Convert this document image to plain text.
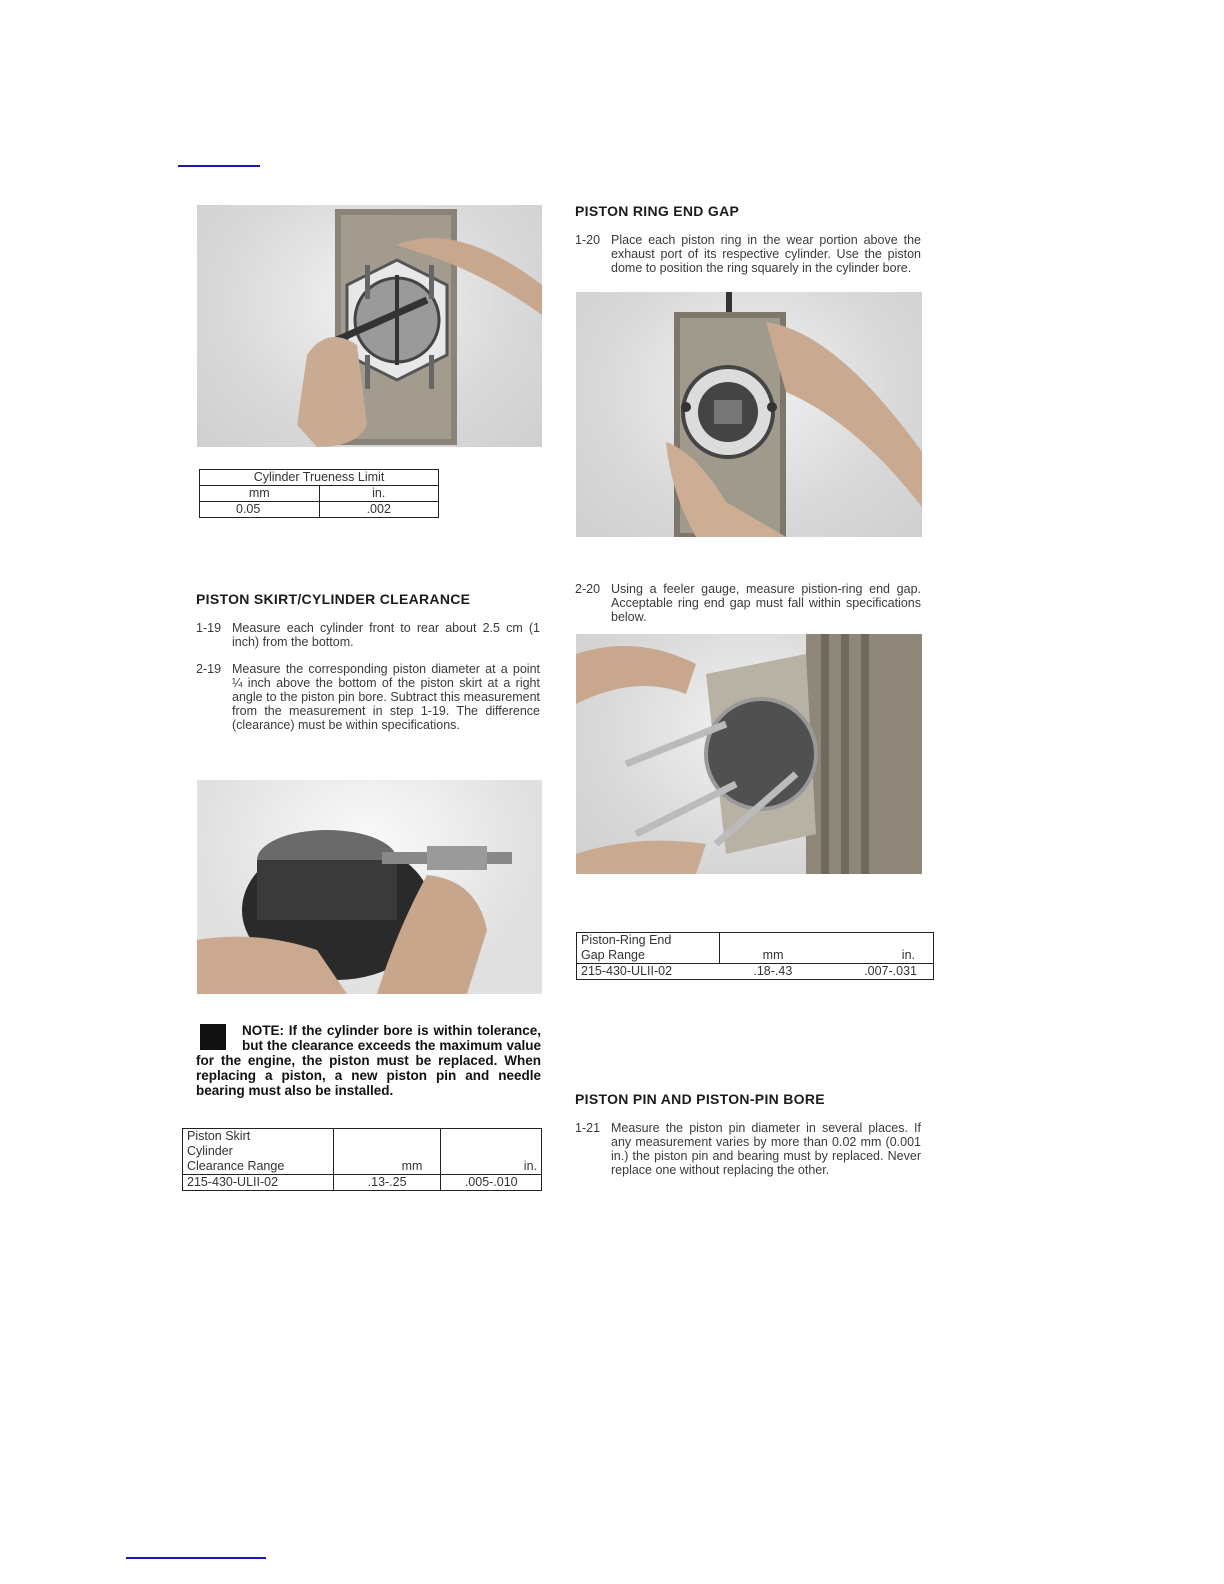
Cylinder Trueness Limit	
mm	in.
0.05	.002
PISTON SKIRT/CYLINDER CLEARANCE
1-19 Measure each cylinder front to rear about 2.5 cm (1 inch) from the bottom.
2-19 Measure the corresponding piston diameter at a point ¼ inch above the bottom of the piston skirt at a right angle to the piston pin bore. Subtract this measurement from the measurement in step 1-19. The difference (clearance) must be within specifications.
NOTE: If the cylinder bore is within tolerance, but the clearance exceeds the maximum value for the engine, the piston must be replaced. When replacing a piston, a new piston pin and needle bearing must also be installed.
Piston Skirt
Cylinder
Clearance Range	mm	in.
215-430-ULII-02	.13-.25	.005-.010
PISTON RING END GAP
1-20 Place each piston ring in the wear portion above the exhaust port of its respective cylinder. Use the piston dome to position the ring squarely in the cylinder bore.
2-20 Using a feeler gauge, measure pistion-ring end gap. Acceptable ring end gap must fall within specifications below.
Piston-Ring End
Gap Range	mm	in.
215-430-ULII-02	.18-.43	.007-.031
PISTON PIN AND PISTON-PIN BORE
1-21 Measure the piston pin diameter in several places. If any measurement varies by more than 0.02 mm (0.001 in.) the piston pin and bearing must by replaced. Never replace one without replacing the other.
